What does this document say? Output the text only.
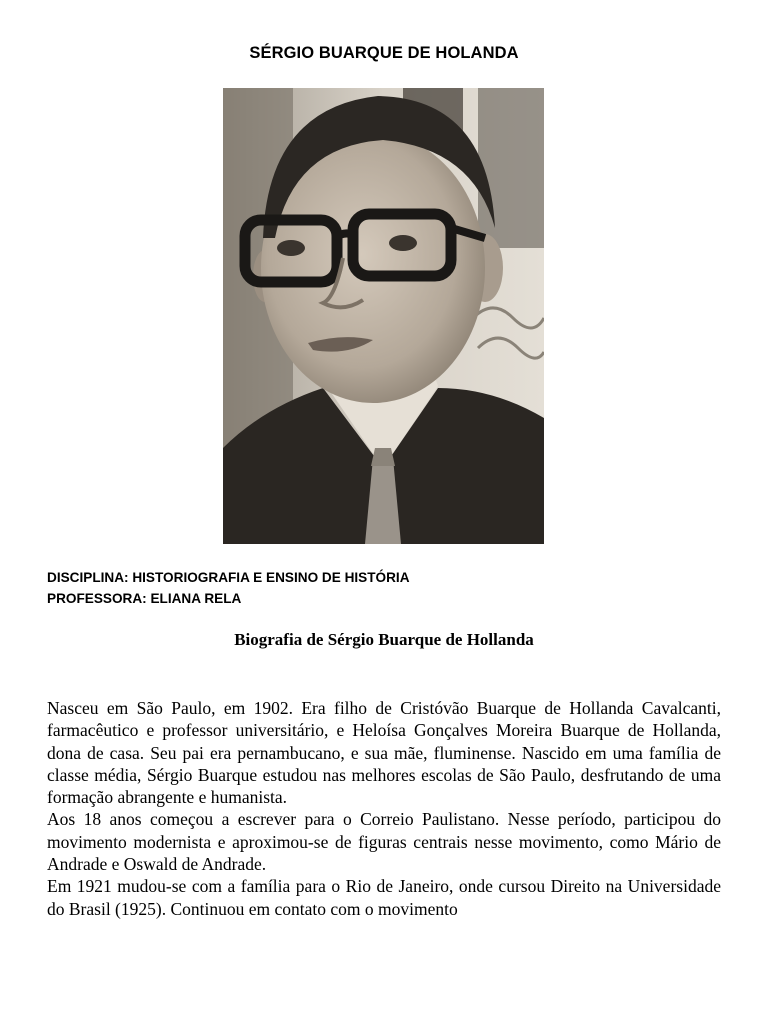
SÉRGIO BUARQUE DE HOLANDA
DISCIPLINA: HISTORIOGRAFIA E ENSINO DE HISTÓRIA
PROFESSORA: ELIANA RELA
Biografia de Sérgio Buarque de Hollanda

Nasceu em São Paulo, em 1902. Era filho de Cristóvão Buarque de Hollanda Cavalcanti, farmacêutico e professor universitário, e Heloísa Gonçalves Moreira Buarque de Hollanda, dona de casa. Seu pai era pernambucano, e sua mãe, fluminense. Nascido em uma família de classe média, Sérgio Buarque estudou nas melhores escolas de São Paulo, desfrutando de uma formação abrangente e humanista.

Aos 18 anos começou a escrever para o Correio Paulistano. Nesse período, participou do movimento modernista e aproximou-se de figuras centrais nesse movimento, como Mário de Andrade e Oswald de Andrade.

Em 1921 mudou-se com a família para o Rio de Janeiro, onde cursou Direito na Universidade do Brasil (1925). Continuou em contato com o movimento
